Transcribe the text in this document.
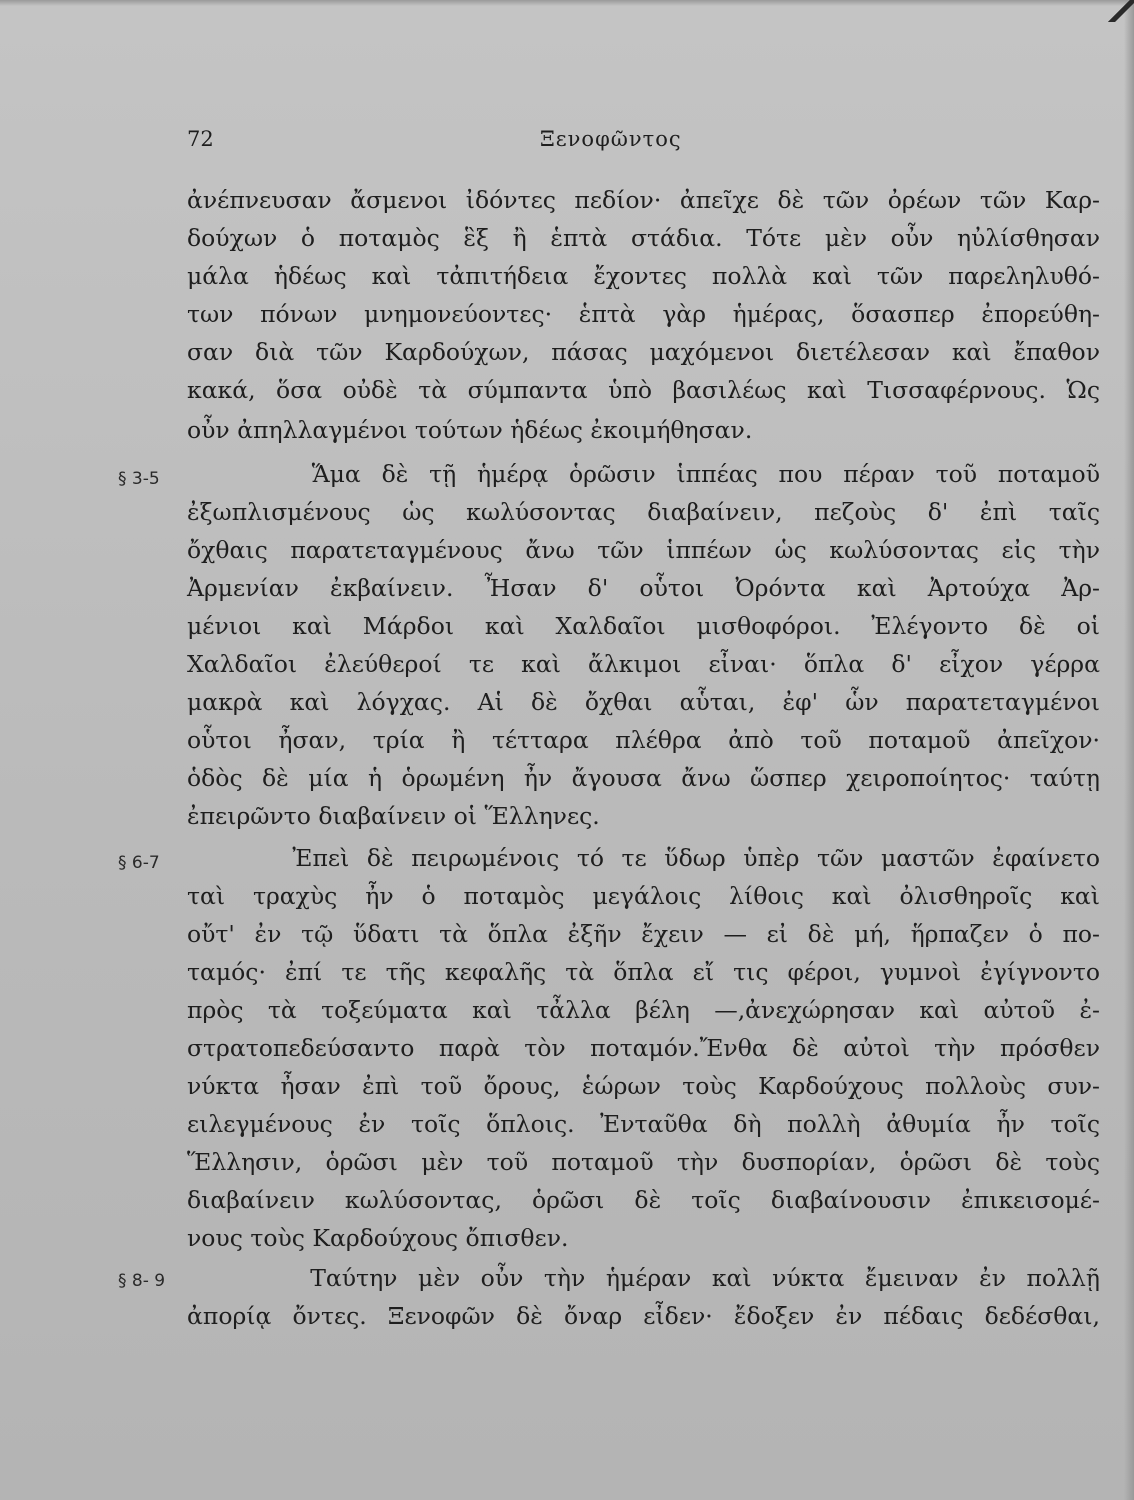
72	Ξενοφῶντος
§ 3-5
§ 6-7
§ 8- 9
ἀνέπνευσαν ἄσμενοι ἰδόντες πεδίον· ἀπεῖχε δὲ τῶν ὀρέων τῶν Καρ-
δούχων ὁ ποταμὸς ἓξ ἢ ἑπτὰ στάδια. Τότε μὲν οὖν ηὐλίσθησαν
μάλα ἡδέως καὶ τἀπιτήδεια ἔχοντες πολλὰ καὶ τῶν παρεληλυθό-
των πόνων μνημονεύοντες· ἑπτὰ γὰρ ἡμέρας, ὅσασπερ ἐπορεύθη-
σαν διὰ τῶν Καρδούχων, πάσας μαχόμενοι διετέλεσαν καὶ ἔπαθον
κακά, ὅσα οὐδὲ τὰ σύμπαντα ὑπὸ βασιλέως καὶ Τισσαφέρνους. Ὡς
οὖν ἀπηλλαγμένοι τούτων ἡδέως ἐκοιμήθησαν.
Ἅμα δὲ τῇ ἡμέρᾳ ὁρῶσιν ἱππέας που πέραν τοῦ ποταμοῦ
ἐξωπλισμένους ὡς κωλύσοντας διαβαίνειν, πεζοὺς δ' ἐπὶ ταῖς
ὄχθαις παρατεταγμένους ἄνω τῶν ἱππέων ὡς κωλύσοντας εἰς τὴν
Ἀρμενίαν ἐκβαίνειν. Ἦσαν δ' οὗτοι Ὀρόντα καὶ Ἀρτούχα Ἀρ-
μένιοι καὶ Μάρδοι καὶ Χαλδαῖοι μισθοφόροι. Ἐλέγοντο δὲ οἱ
Χαλδαῖοι ἐλεύθεροί τε καὶ ἄλκιμοι εἶναι· ὅπλα δ' εἶχον γέρρα
μακρὰ καὶ λόγχας. Αἱ δὲ ὄχθαι αὗται, ἐφ' ὧν παρατεταγμένοι
οὗτοι ἦσαν, τρία ἢ τέτταρα πλέθρα ἀπὸ τοῦ ποταμοῦ ἀπεῖχον·
ὁδὸς δὲ μία ἡ ὁρωμένη ἦν ἄγουσα ἄνω ὥσπερ χειροποίητος· ταύτῃ
ἐπειρῶντο διαβαίνειν οἱ Ἕλληνες.
Ἐπεὶ δὲ πειρωμένοις τό τε ὕδωρ ὑπὲρ τῶν μαστῶν ἐφαίνετο
ταὶ τραχὺς ἦν ὁ ποταμὸς μεγάλοις λίθοις καὶ ὀλισθηροῖς καὶ
οὔτ' ἐν τῷ ὕδατι τὰ ὅπλα ἐξῆν ἔχειν — εἰ δὲ μή, ἥρπαζεν ὁ πο-
ταμός· ἐπί τε τῆς κεφαλῆς τὰ ὅπλα εἴ τις φέροι, γυμνοὶ ἐγίγνοντο
πρὸς τὰ τοξεύματα καὶ τἆλλα βέλη —,ἀνεχώρησαν καὶ αὐτοῦ ἐ-
στρατοπεδεύσαντο παρὰ τὸν ποταμόν.Ἔνθα δὲ αὐτοὶ τὴν πρόσθεν
νύκτα ἦσαν ἐπὶ τοῦ ὄρους, ἑώρων τοὺς Καρδούχους πολλοὺς συν-
ειλεγμένους ἐν τοῖς ὅπλοις. Ἐνταῦθα δὴ πολλὴ ἀθυμία ἦν τοῖς
Ἕλλησιν, ὁρῶσι μὲν τοῦ ποταμοῦ τὴν δυσπορίαν, ὁρῶσι δὲ τοὺς
διαβαίνειν κωλύσοντας, ὁρῶσι δὲ τοῖς διαβαίνουσιν ἐπικεισομέ-
νους τοὺς Καρδούχους ὄπισθεν.
Ταύτην μὲν οὖν τὴν ἡμέραν καὶ νύκτα ἔμειναν ἐν πολλῇ
ἀπορίᾳ ὄντες. Ξενοφῶν δὲ ὄναρ εἶδεν· ἔδοξεν ἐν πέδαις δεδέσθαι,
